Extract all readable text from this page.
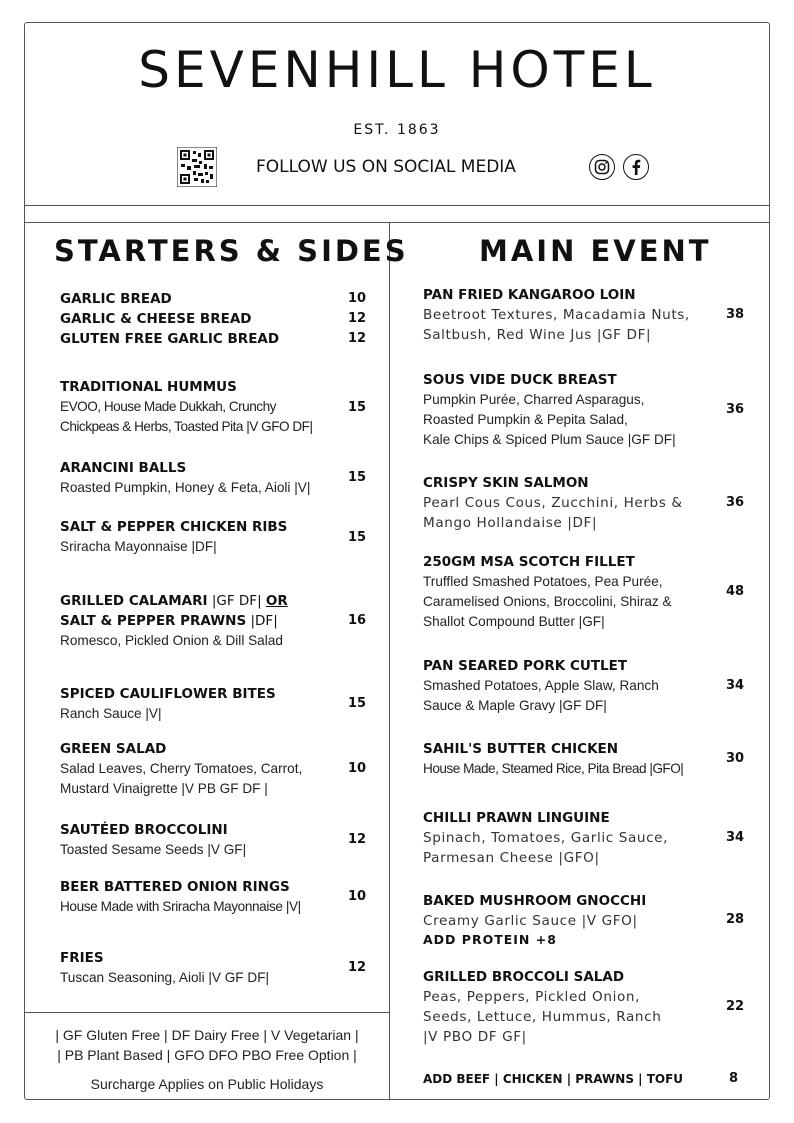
SEVENHILL HOTEL
EST. 1863
FOLLOW US ON SOCIAL MEDIA
STARTERS & SIDES MAIN EVENT
GARLIC BREAD
GARLIC & CHEESE BREAD
GLUTEN FREE GARLIC BREAD
10
12
12
TRADITIONAL HUMMUS
EVOO, House Made Dukkah, Crunchy
Chickpeas & Herbs, Toasted Pita |V GFO DF|
15
ARANCINI BALLS
Roasted Pumpkin, Honey & Feta, Aioli |V|
15
SALT & PEPPER CHICKEN RIBS
Sriracha Mayonnaise |DF|
15
GRILLED CALAMARI |GF DF| OR
SALT & PEPPER PRAWNS |DF|
Romesco, Pickled Onion & Dill Salad
16
SPICED CAULIFLOWER BITES
Ranch Sauce |V|
15
GREEN SALAD
Salad Leaves, Cherry Tomatoes, Carrot,
Mustard Vinaigrette |V PB GF DF |
10
SAUTÉED BROCCOLINI
Toasted Sesame Seeds |V GF|
12
BEER BATTERED ONION RINGS
House Made with Sriracha Mayonnaise |V|
10
FRIES
Tuscan Seasoning, Aioli |V GF DF|
12
| GF Gluten Free | DF Dairy Free | V Vegetarian |
| PB Plant Based | GFO DFO PBO Free Option |
Surcharge Applies on Public Holidays
PAN FRIED KANGAROO LOIN
Beetroot Textures, Macadamia Nuts,
Saltbush, Red Wine Jus |GF DF|
38
SOUS VIDE DUCK BREAST
Pumpkin Purée, Charred Asparagus,
Roasted Pumpkin & Pepita Salad,
Kale Chips & Spiced Plum Sauce |GF DF|
36
CRISPY SKIN SALMON
Pearl Cous Cous, Zucchini, Herbs &
Mango Hollandaise |DF|
36
250GM MSA SCOTCH FILLET
Truffled Smashed Potatoes, Pea Purée,
Caramelised Onions, Broccolini, Shiraz &
Shallot Compound Butter |GF|
48
PAN SEARED PORK CUTLET
Smashed Potatoes, Apple Slaw, Ranch
Sauce & Maple Gravy |GF DF|
34
SAHIL'S BUTTER CHICKEN
House Made, Steamed Rice, Pita Bread |GFO|
30
CHILLI PRAWN LINGUINE
Spinach, Tomatoes, Garlic Sauce,
Parmesan Cheese |GFO|
34
BAKED MUSHROOM GNOCCHI
Creamy Garlic Sauce |V GFO|
ADD PROTEIN +8
28
GRILLED BROCCOLI SALAD
Peas, Peppers, Pickled Onion,
Seeds, Lettuce, Hummus, Ranch
|V PBO DF GF|
22
ADD BEEF | CHICKEN | PRAWNS | TOFU	8
